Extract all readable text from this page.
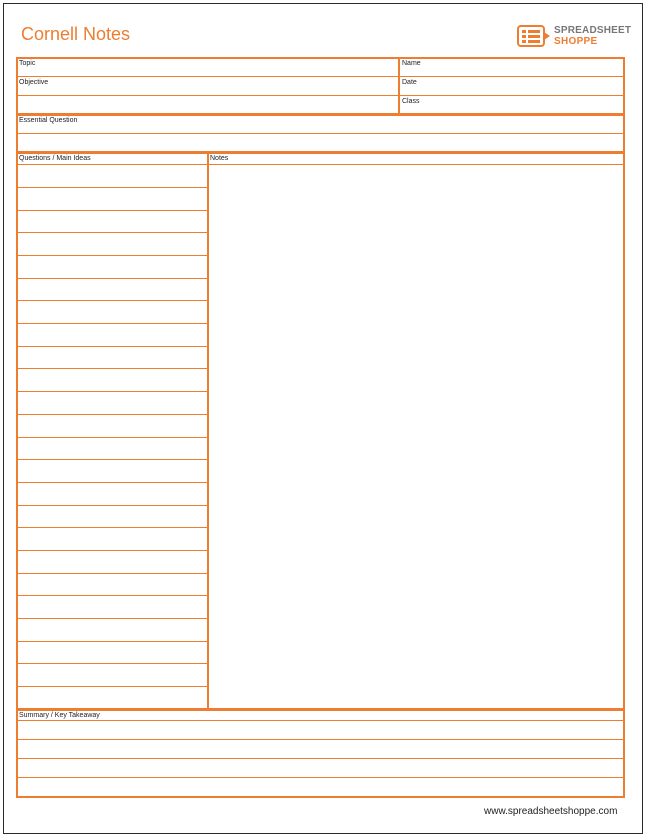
Cornell Notes	SPREADSHEET
SHOPPE
Topic
Objective
Name
Date
Class
Essential Question
Questions / Main Ideas	Notes
Summary / Key Takeaway
www.spreadsheetshoppe.com
